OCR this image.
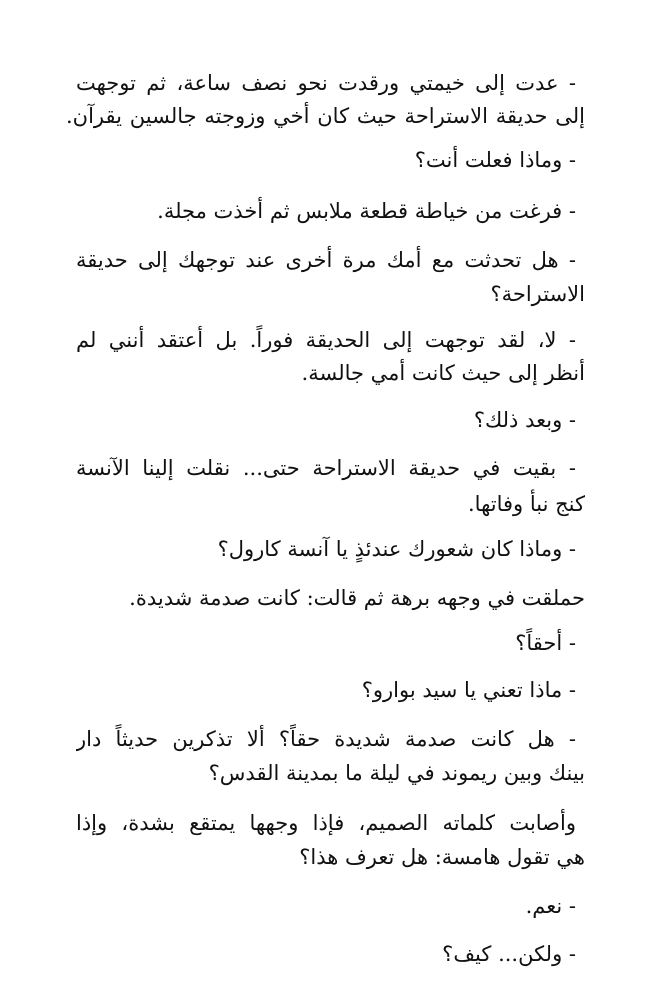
- عدت إلى خيمتي ورقدت نحو نصف ساعة، ثم توجهت
إلى حديقة الاستراحة حيث كان أخي وزوجته جالسين يقرآن.
- وماذا فعلت أنت؟
- فرغت من خياطة قطعة ملابس ثم أخذت مجلة.
- هل تحدثت مع أمك مرة أخرى عند توجهك إلى حديقة
الاستراحة؟
- لا، لقد توجهت إلى الحديقة فوراً. بل أعتقد أنني لم
أنظر إلى حيث كانت أمي جالسة.
- وبعد ذلك؟
- بقيت في حديقة الاستراحة حتى... نقلت إلينا الآنسة
كنج نبأ وفاتها.
- وماذا كان شعورك عندئذٍ يا آنسة كارول؟
حملقت في وجهه برهة ثم قالت: كانت صدمة شديدة.
- أحقاً؟
- ماذا تعني يا سيد بوارو؟
- هل كانت صدمة شديدة حقاً؟ ألا تذكرين حديثاً دار
بينك وبين ريموند في ليلة ما بمدينة القدس؟
وأصابت كلماته الصميم، فإذا وجهها يمتقع بشدة، وإذا
هي تقول هامسة: هل تعرف هذا؟
- نعم.
- ولكن... كيف؟
